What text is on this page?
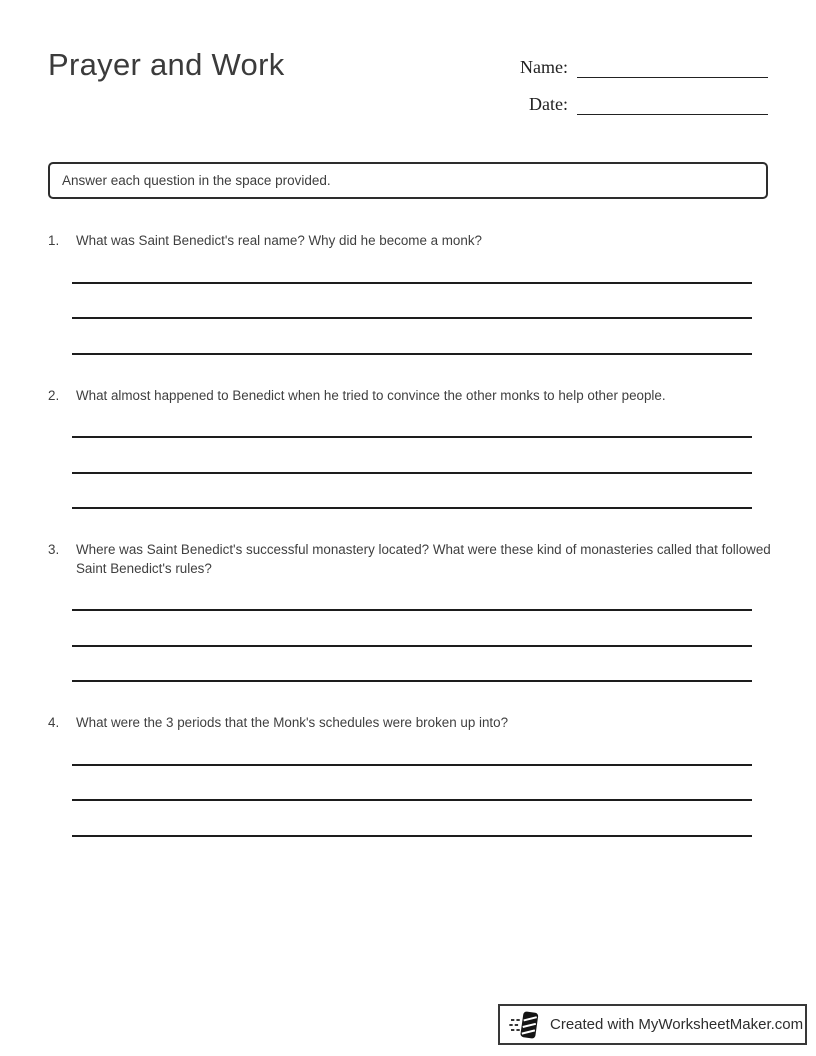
Prayer and Work	Name:
Date:
Answer each question in the space provided.
1.	What was Saint Benedict's real name? Why did he become a monk?
2.	What almost happened to Benedict when he tried to convince the other monks to help other people.
3.	Where was Saint Benedict's successful monastery located? What were these kind of monasteries called that followed Saint Benedict's rules?
4.	What were the 3 periods that the Monk's schedules were broken up into?
Created with MyWorksheetMaker.com
